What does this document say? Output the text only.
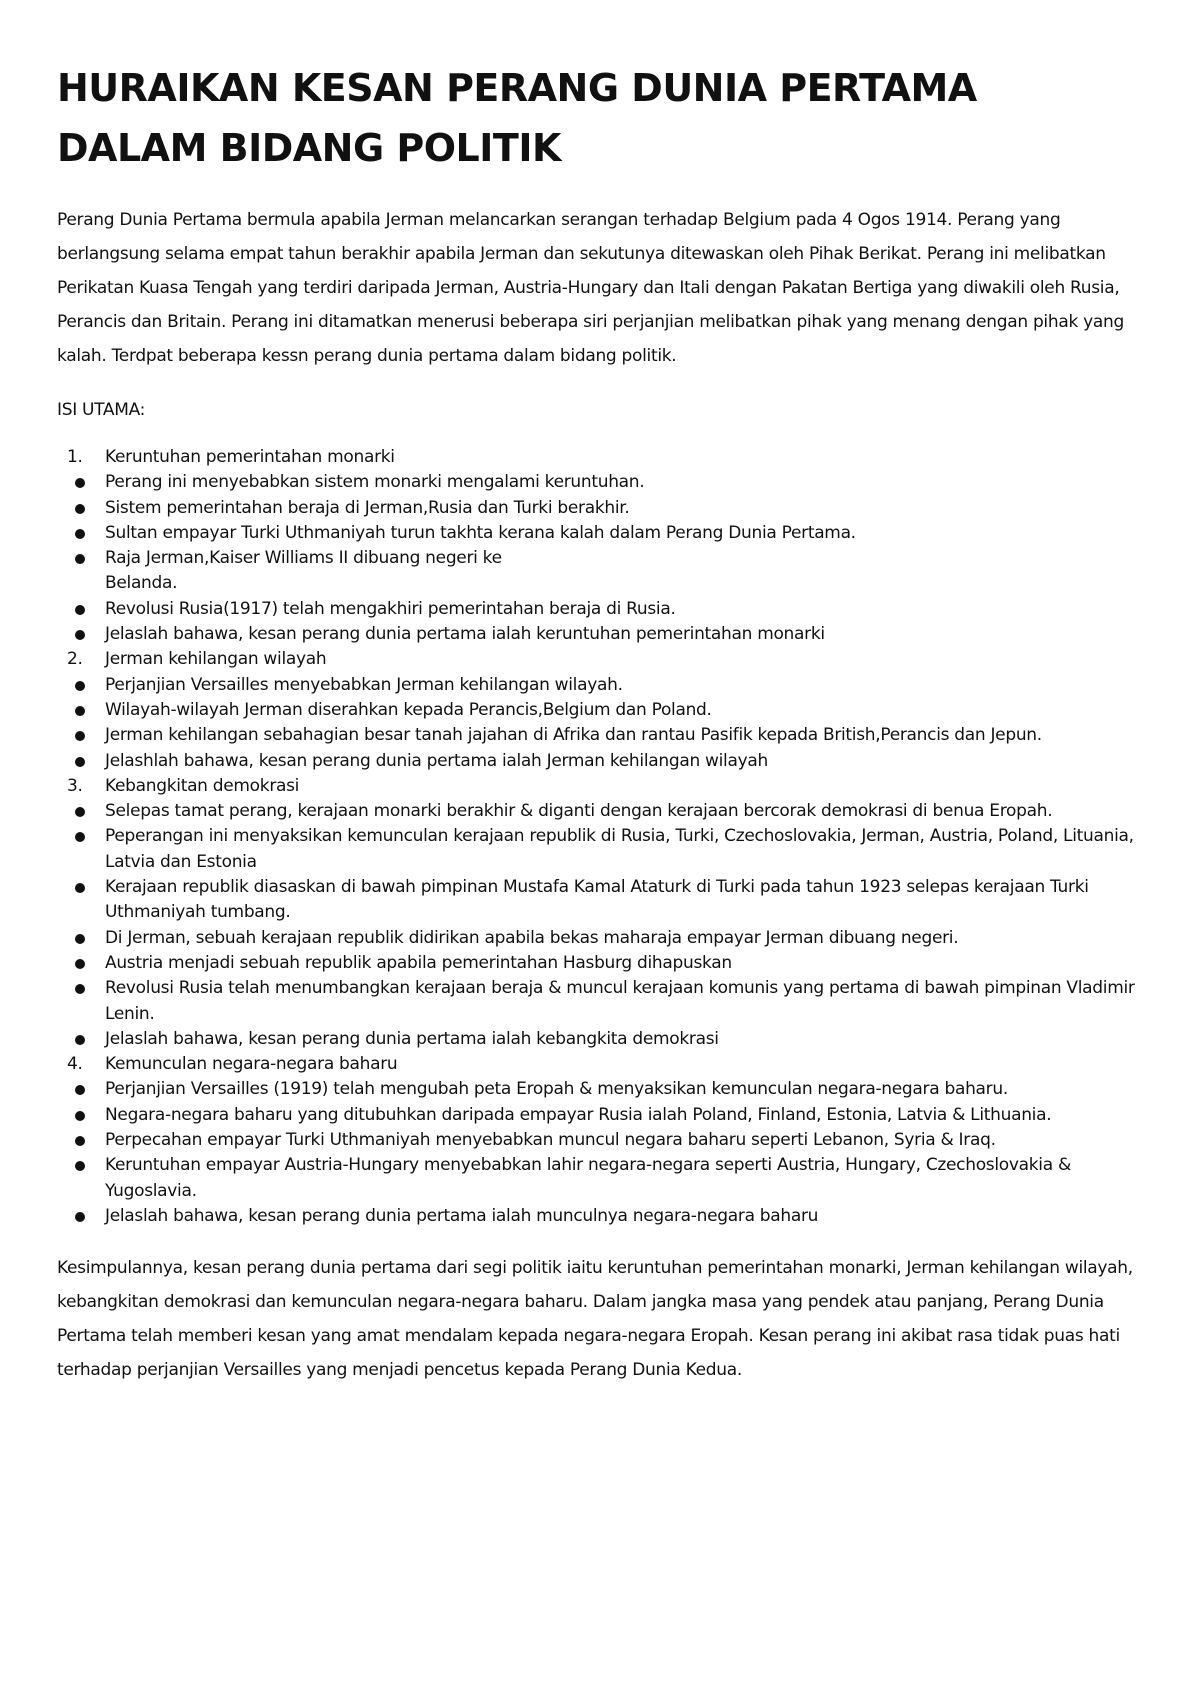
HURAIKAN KESAN PERANG DUNIA PERTAMA
DALAM BIDANG POLITIK

Perang Dunia Pertama bermula apabila Jerman melancarkan serangan terhadap Belgium pada 4 Ogos 1914. Perang yang berlangsung selama empat tahun berakhir apabila Jerman dan sekutunya ditewaskan oleh Pihak Berikat. Perang ini melibatkan Perikatan Kuasa Tengah yang terdiri daripada Jerman, Austria-Hungary dan Itali dengan Pakatan Bertiga yang diwakili oleh Rusia, Perancis dan Britain. Perang ini ditamatkan menerusi beberapa siri perjanjian melibatkan pihak yang menang dengan pihak yang kalah. Terdpat beberapa kessn perang dunia pertama dalam bidang politik.

ISI UTAMA:

1. Keruntuhan pemerintahan monarki
Perang ini menyebabkan sistem monarki mengalami keruntuhan.
Sistem pemerintahan beraja di Jerman,Rusia dan Turki berakhir.
Sultan empayar Turki Uthmaniyah turun takhta kerana kalah dalam Perang Dunia Pertama.
Raja Jerman,Kaiser Williams II dibuang negeri ke
Belanda.
Revolusi Rusia(1917) telah mengakhiri pemerintahan beraja di Rusia.
Jelaslah bahawa, kesan perang dunia pertama ialah keruntuhan pemerintahan monarki
2. Jerman kehilangan wilayah
Perjanjian Versailles menyebabkan Jerman kehilangan wilayah.
Wilayah-wilayah Jerman diserahkan kepada Perancis,Belgium dan Poland.
Jerman kehilangan sebahagian besar tanah jajahan di Afrika dan rantau Pasifik kepada British,Perancis dan Jepun.
Jelashlah bahawa, kesan perang dunia pertama ialah Jerman kehilangan wilayah
3. Kebangkitan demokrasi
Selepas tamat perang, kerajaan monarki berakhir & diganti dengan kerajaan bercorak demokrasi di benua Eropah.
Peperangan ini menyaksikan kemunculan kerajaan republik di Rusia, Turki, Czechoslovakia, Jerman, Austria, Poland, Lituania, Latvia dan Estonia
Kerajaan republik diasaskan di bawah pimpinan Mustafa Kamal Ataturk di Turki pada tahun 1923 selepas kerajaan Turki Uthmaniyah tumbang.
Di Jerman, sebuah kerajaan republik didirikan apabila bekas maharaja empayar Jerman dibuang negeri.
Austria menjadi sebuah republik apabila pemerintahan Hasburg dihapuskan
Revolusi Rusia telah menumbangkan kerajaan beraja & muncul kerajaan komunis yang pertama di bawah pimpinan Vladimir Lenin.
Jelaslah bahawa, kesan perang dunia pertama ialah kebangkita demokrasi
4. Kemunculan negara-negara baharu
Perjanjian Versailles (1919) telah mengubah peta Eropah & menyaksikan kemunculan negara-negara baharu.
Negara-negara baharu yang ditubuhkan daripada empayar Rusia ialah Poland, Finland, Estonia, Latvia & Lithuania.
Perpecahan empayar Turki Uthmaniyah menyebabkan muncul negara baharu seperti Lebanon, Syria & Iraq.
Keruntuhan empayar Austria-Hungary menyebabkan lahir negara-negara seperti Austria, Hungary, Czechoslovakia & Yugoslavia.
Jelaslah bahawa, kesan perang dunia pertama ialah munculnya negara-negara baharu

Kesimpulannya, kesan perang dunia pertama dari segi politik iaitu keruntuhan pemerintahan monarki, Jerman kehilangan wilayah, kebangkitan demokrasi dan kemunculan negara-negara baharu. Dalam jangka masa yang pendek atau panjang, Perang Dunia Pertama telah memberi kesan yang amat mendalam kepada negara-negara Eropah. Kesan perang ini akibat rasa tidak puas hati terhadap perjanjian Versailles yang menjadi pencetus kepada Perang Dunia Kedua.
